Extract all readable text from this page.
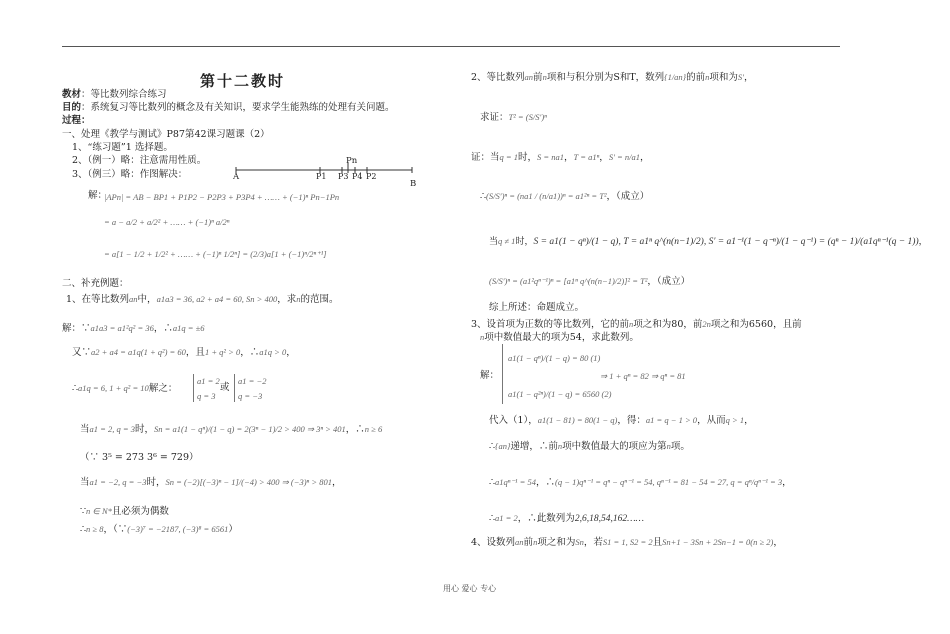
第十二教时
教材：等比数列综合练习
目的：系统复习等比数列的概念及有关知识，要求学生能熟练的处理有关问题。
过程：
一、处理《教学与测试》P87第42课习题课（2）
1、“练习题”1 选择题。
2、（例一）略：注意需用性质。
3、（例三）略：作图解决：	A
Pn
P1 P3 P4 P2
B
解：
|APn| = AB − BP1 + P1P2 − P2P3 + P3P4 + …… + (−1)ⁿ Pn−1Pn
= a − a/2 + a/2² + …… + (−1)ⁿ a/2ⁿ
= a[1 − 1/2 + 1/2² + …… + (−1)ⁿ 1/2ⁿ] = (2/3)a[1 + (−1)ⁿ/2ⁿ⁺¹]
二、补充例题：
1、在等比数列an中，a1a3 = 36, a2 + a4 = 60, Sn > 400，求n的范围。
解：∵a1a3 = a1²q² = 36，∴a1q = ±6
又∵a2 + a4 = a1q(1 + q²) = 60，且1 + q² > 0，∴a1q > 0，
∴a1q = 6, 1 + q² = 10解之：
a1 = 2
q = 3
或
a1 = −2
q = −3
当a1 = 2, q = 3时，Sn = a1(1 − qⁿ)/(1 − q) = 2(3ⁿ − 1)/2 > 400 ⇒ 3ⁿ > 401，∴n ≥ 6
（∵ 3⁵ = 273 3⁶ = 729）
当a1 = −2, q = −3时，Sn = (−2)[(−3)ⁿ − 1]/(−4) > 400 ⇒ (−3)ⁿ > 801，
∵n ∈ N*且必须为偶数
∴n ≥ 8，（∵(−3)⁷ = −2187, (−3)⁸ = 6561）
2、等比数列an前n项和与积分别为S和T，数列{1/an}的前n项和为S′，
求证：T² = (S/S′)ⁿ
证：当q = 1时，S = na1，T = a1ⁿ，S′ = n/a1，
∴(S/S′)ⁿ = (na1 / (n/a1))ⁿ = a1²ⁿ = T²，（成立）
当q ≠ 1时，S = a1(1 − qⁿ)/(1 − q), T = a1ⁿ q^(n(n−1)/2), S′ = a1⁻¹(1 − q⁻ⁿ)/(1 − q⁻¹) = (qⁿ − 1)/(a1qⁿ⁻¹(q − 1))，
(S/S′)ⁿ = (a1²qⁿ⁻¹)ⁿ = [a1ⁿ q^(n(n−1)/2)]² = T²，（成立）
综上所述：命题成立。
3、设首项为正数的等比数列，它的前n项之和为80，前2n项之和为6560，且前
n项中数值最大的项为54，求此数列。
解：
a1(1 − qⁿ)/(1 − q) = 80 (1)
a1(1 − q²ⁿ)/(1 − q) = 6560 (2)
⇒ 1 + qⁿ = 82 ⇒ qⁿ = 81
代入（1），a1(1 − 81) = 80(1 − q)，得：a1 = q − 1 > 0，从而q > 1，
∴{an}递增，∴前n项中数值最大的项应为第n项。
∴a1qⁿ⁻¹ = 54，∴(q − 1)qⁿ⁻¹ = qⁿ − qⁿ⁻¹ = 54, qⁿ⁻¹ = 81 − 54 = 27, q = qⁿ/qⁿ⁻¹ = 3，
∴a1 = 2，∴此数列为2,6,18,54,162……
4、设数列an前n项之和为Sn，若S1 = 1, S2 = 2且Sn+1 − 3Sn + 2Sn−1 = 0(n ≥ 2)，
用心 爱心 专心
